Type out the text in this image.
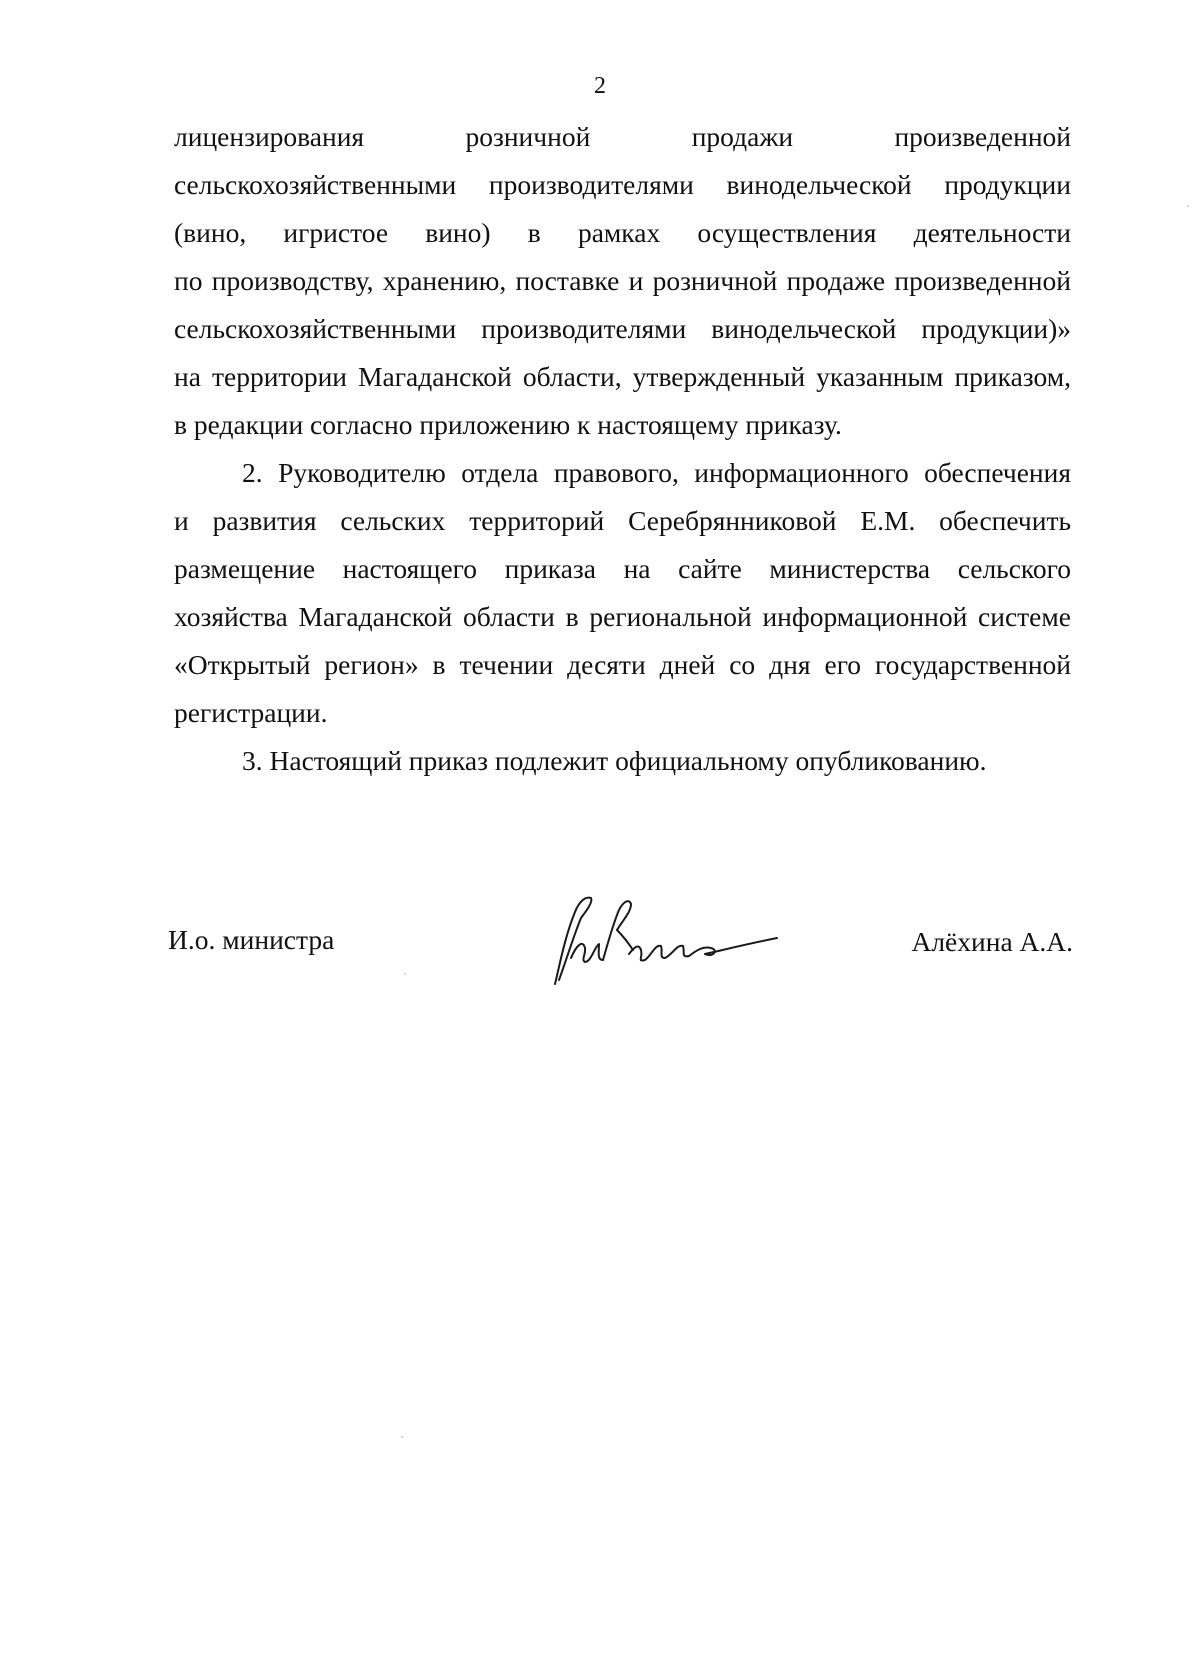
2
лицензирования розничной продажи произведенной
сельскохозяйственными производителями винодельческой продукции
(вино, игристое вино) в рамках осуществления деятельности
по производству, хранению, поставке и розничной продаже произведенной
сельскохозяйственными производителями винодельческой продукции)»
на территории Магаданской области, утвержденный указанным приказом,
в редакции согласно приложению к настоящему приказу.
2. Руководителю отдела правового, информационного обеспечения
и развития сельских территорий Серебрянниковой Е.М. обеспечить
размещение настоящего приказа на сайте министерства сельского
хозяйства Магаданской области в региональной информационной системе
«Открытый регион» в течении десяти дней со дня его государственной
регистрации.
3. Настоящий приказ подлежит официальному опубликованию.
И.о. министра	Алёхина А.А.
